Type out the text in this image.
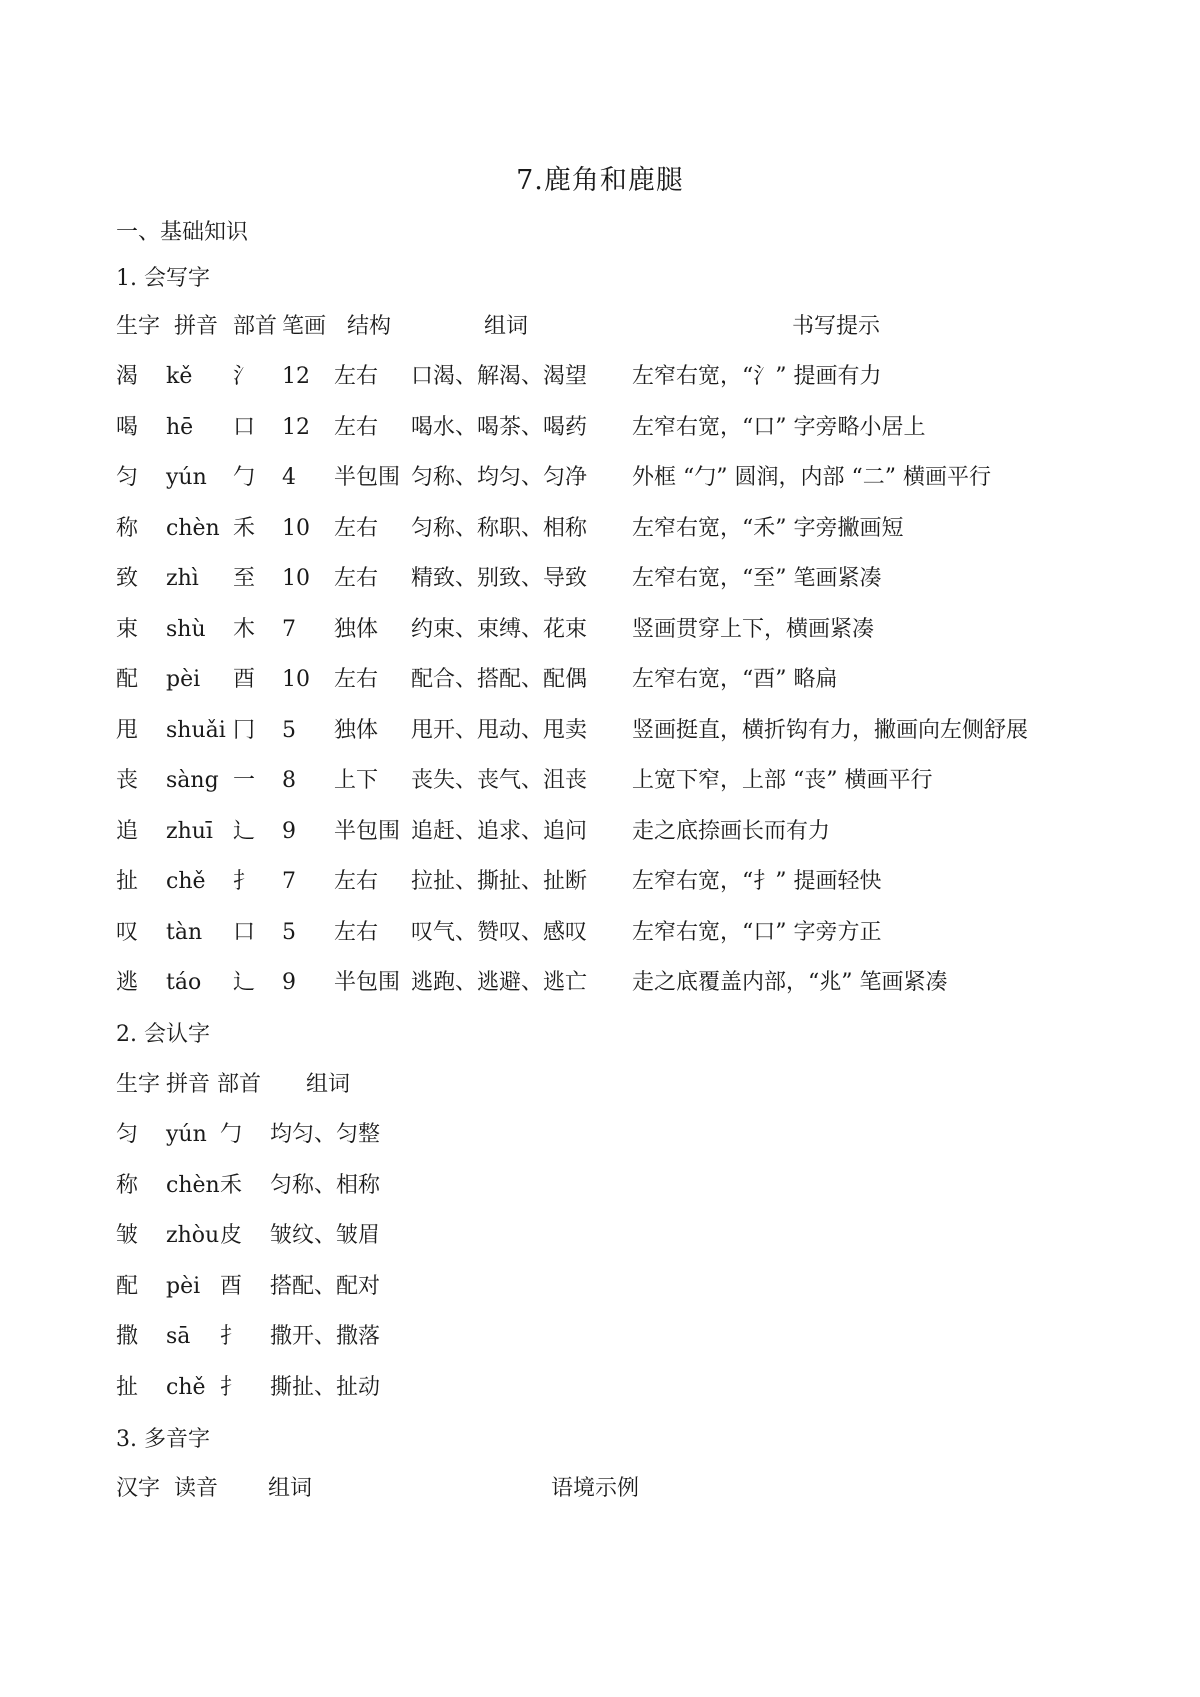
7.鹿角和鹿腿
一、基础知识
1. 会写字
生字 拼音 部首 笔画 结构	组词	书写提示
渴 kě 氵 12 左右 口渴、解渴、渴望 左窄右宽，“氵” 提画有力
喝 hē 口 12 左右 喝水、喝茶、喝药 左窄右宽，“口” 字旁略小居上
匀 yún 勹 4 半包围 匀称、均匀、匀净 外框 “勹” 圆润，内部 “二” 横画平行
称 chèn 禾 10 左右 匀称、称职、相称 左窄右宽，“禾” 字旁撇画短
致 zhì 至 10 左右 精致、别致、导致 左窄右宽，“至” 笔画紧凑
束 shù 木 7 独体 约束、束缚、花束 竖画贯穿上下，横画紧凑
配 pèi 酉 10 左右 配合、搭配、配偶 左窄右宽，“酉” 略扁
甩 shuǎi 冂 5 独体 甩开、甩动、甩卖 竖画挺直，横折钩有力，撇画向左侧舒展
丧 sàng 一 8 上下 丧失、丧气、沮丧 上宽下窄，上部 “丧” 横画平行
追 zhuī 辶 9 半包围 追赶、追求、追问 走之底捺画长而有力
扯 chě 扌 7 左右 拉扯、撕扯、扯断 左窄右宽，“扌” 提画轻快
叹 tàn 口 5 左右 叹气、赞叹、感叹 左窄右宽，“口” 字旁方正
逃 táo 辶 9 半包围 逃跑、逃避、逃亡 走之底覆盖内部，“兆” 笔画紧凑
2. 会认字
生字 拼音 部首 组词
匀 yún 勹 均匀、匀整
称 chèn 禾 匀称、相称
皱 zhòu 皮 皱纹、皱眉
配 pèi 酉 搭配、配对
撒 sā 扌 撒开、撒落
扯 chě 扌 撕扯、扯动
3. 多音字
汉字 读音 组词	语境示例
